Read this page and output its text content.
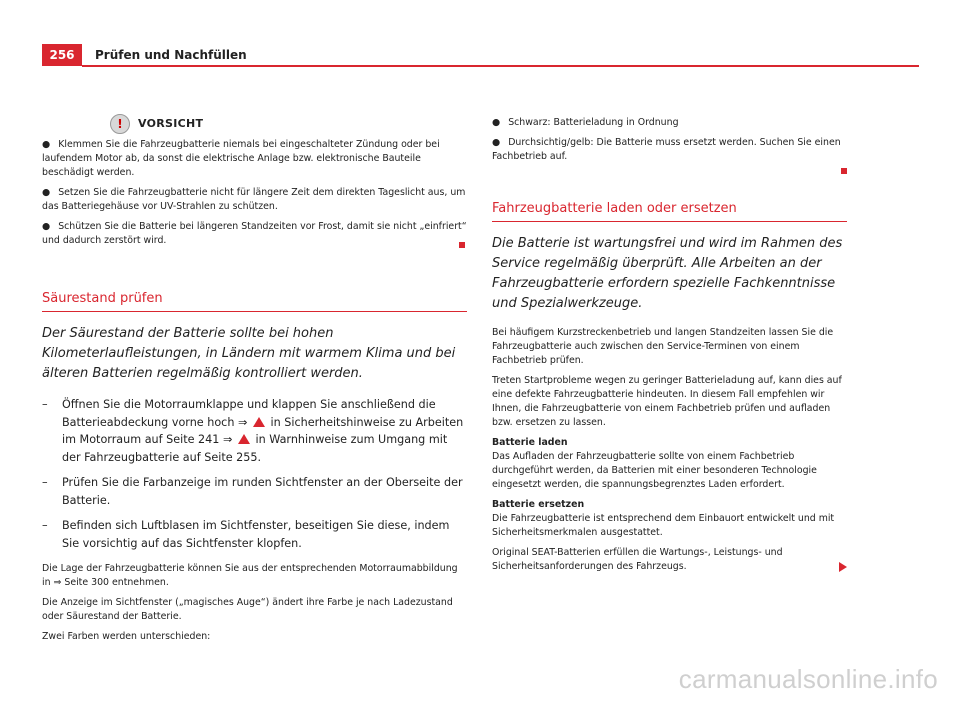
256	Prüfen und Nachfüllen
!	VORSICHT

● Klemmen Sie die Fahrzeugbatterie niemals bei eingeschalteter Zündung oder bei laufendem Motor ab, da sonst die elektrische Anlage bzw. elektronische Bauteile beschädigt werden.

● Setzen Sie die Fahrzeugbatterie nicht für längere Zeit dem direkten Tageslicht aus, um das Batteriegehäuse vor UV-Strahlen zu schützen.

● Schützen Sie die Batterie bei längeren Standzeiten vor Frost, damit sie nicht „einfriert“ und dadurch zerstört wird.

Säurestand prüfen
Der Säurestand der Batterie sollte bei hohen Kilometerlaufleistungen, in Ländern mit warmem Klima und bei älteren Batterien regelmäßig kontrolliert werden.
– Öffnen Sie die Motorraumklappe und klappen Sie anschließend die Batterieabdeckung vorne hoch ⇒ in Sicherheitshinweise zu Arbeiten im Motorraum auf Seite 241 ⇒ in Warnhinweise zum Umgang mit der Fahrzeugbatterie auf Seite 255.
– Prüfen Sie die Farbanzeige im runden Sichtfenster an der Oberseite der Batterie.
– Befinden sich Luftblasen im Sichtfenster, beseitigen Sie diese, indem Sie vorsichtig auf das Sichtfenster klopfen.

Die Lage der Fahrzeugbatterie können Sie aus der entsprechenden Motorraumabbildung in ⇒ Seite 300 entnehmen.

Die Anzeige im Sichtfenster („magisches Auge“) ändert ihre Farbe je nach Ladezustand oder Säurestand der Batterie.

Zwei Farben werden unterschieden:

● Schwarz: Batterieladung in Ordnung

● Durchsichtig/gelb: Die Batterie muss ersetzt werden. Suchen Sie einen Fachbetrieb auf.

Fahrzeugbatterie laden oder ersetzen
Die Batterie ist wartungsfrei und wird im Rahmen des Service regelmäßig überprüft. Alle Arbeiten an der Fahrzeugbatterie erfordern spezielle Fachkenntnisse und Spezialwerkzeuge.

Bei häufigem Kurzstreckenbetrieb und langen Standzeiten lassen Sie die Fahrzeugbatterie auch zwischen den Service-Terminen von einem Fachbetrieb prüfen.

Treten Startprobleme wegen zu geringer Batterieladung auf, kann dies auf eine defekte Fahrzeugbatterie hindeuten. In diesem Fall empfehlen wir Ihnen, die Fahrzeugbatterie von einem Fachbetrieb prüfen und aufladen bzw. ersetzen zu lassen.

Batterie laden

Das Aufladen der Fahrzeugbatterie sollte von einem Fachbetrieb durchgeführt werden, da Batterien mit einer besonderen Technologie eingesetzt werden, die spannungsbegrenztes Laden erfordert.

Batterie ersetzen

Die Fahrzeugbatterie ist entsprechend dem Einbauort entwickelt und mit Sicherheitsmerkmalen ausgestattet.

Original SEAT-Batterien erfüllen die Wartungs-, Leistungs- und Sicherheitsanforderungen des Fahrzeugs.

carmanualsonline.info
